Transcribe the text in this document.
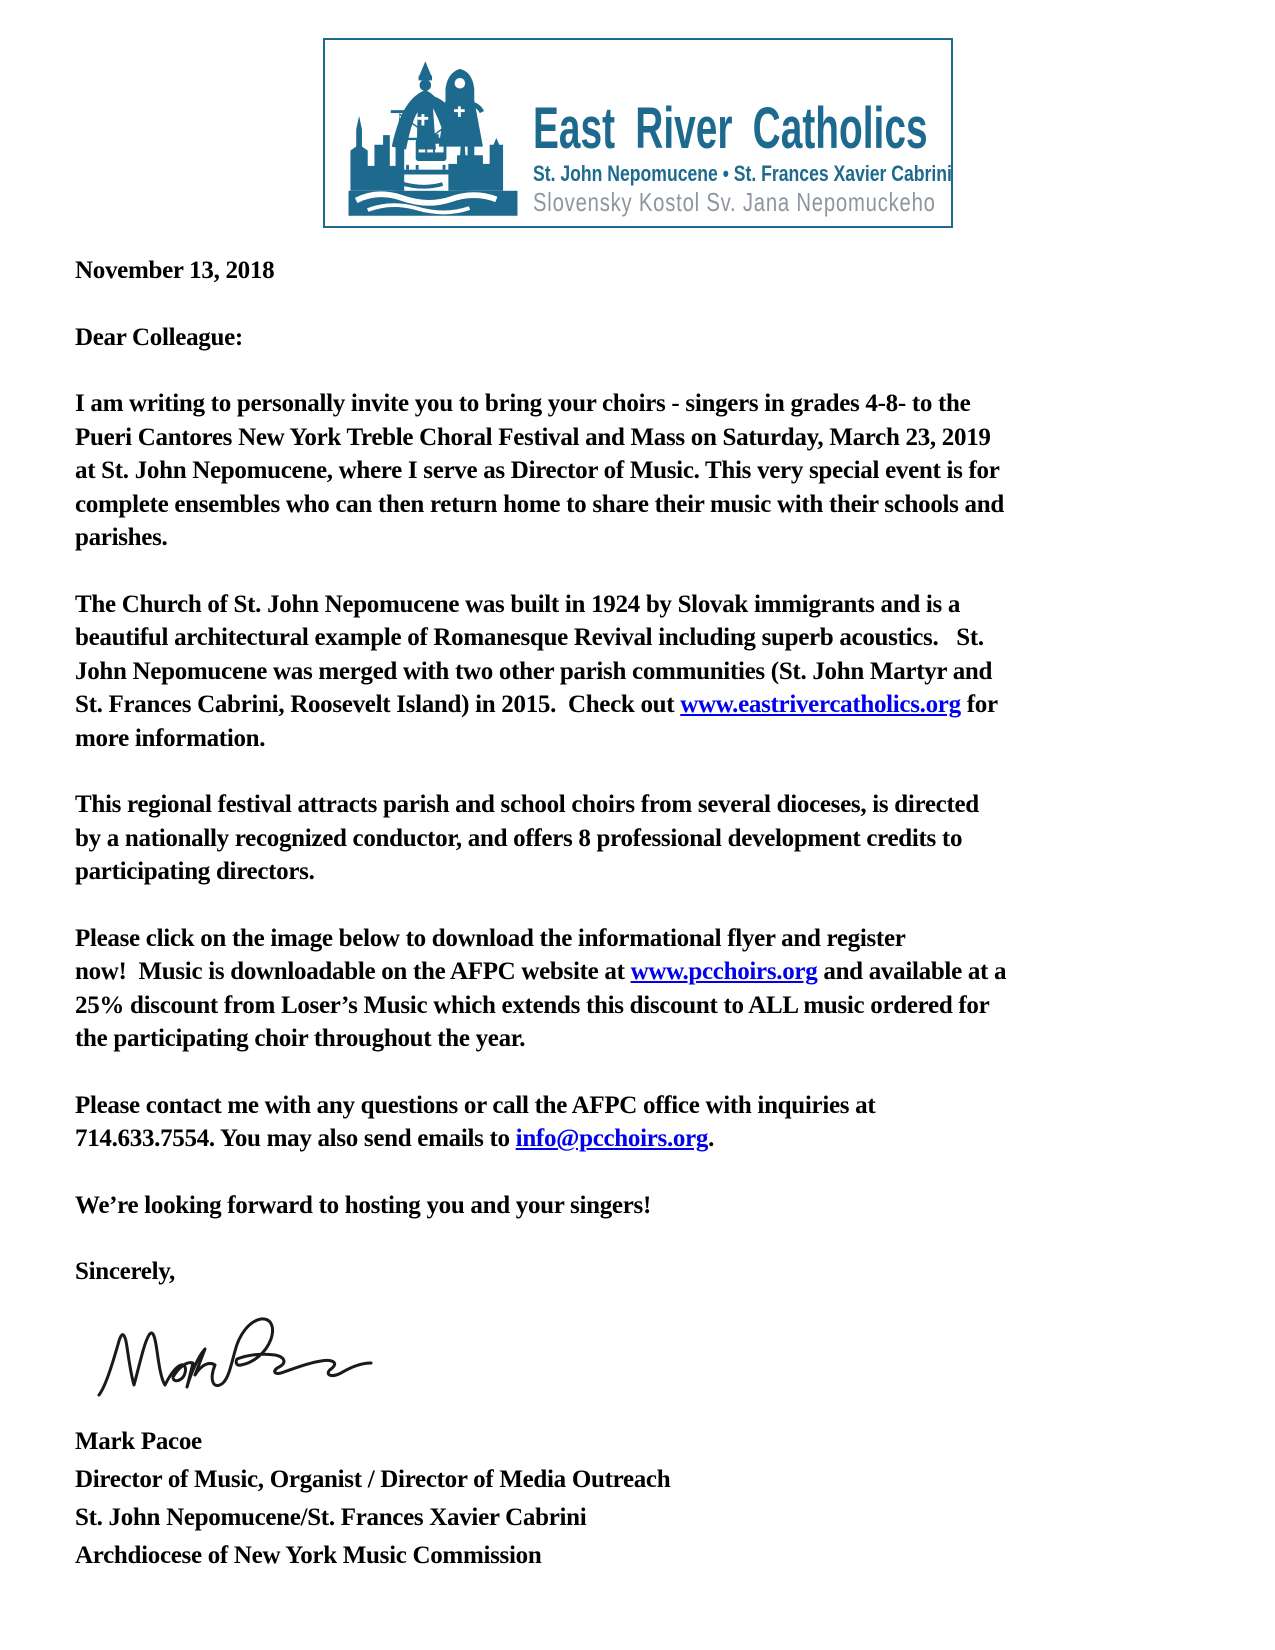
East River Catholics
St. John Nepomucene • St. Frances Xavier Cabrini
Slovensky Kostol Sv. Jana Nepomuckeho
November 13, 2018
Dear Colleague:
I am writing to personally invite you to bring your choirs - singers in grades 4-8- to the
Pueri Cantores New York Treble Choral Festival and Mass on Saturday, March 23, 2019
at St. John Nepomucene, where I serve as Director of Music. This very special event is for
complete ensembles who can then return home to share their music with their schools and
parishes.
The Church of St. John Nepomucene was built in 1924 by Slovak immigrants and is a
beautiful architectural example of Romanesque Revival including superb acoustics.   St.
John Nepomucene was merged with two other parish communities (St. John Martyr and
St. Frances Cabrini, Roosevelt Island) in 2015.  Check out www.eastrivercatholics.org for
more information.
This regional festival attracts parish and school choirs from several dioceses, is directed
by a nationally recognized conductor, and offers 8 professional development credits to
participating directors.
Please click on the image below to download the informational flyer and register
now!  Music is downloadable on the AFPC website at www.pcchoirs.org and available at a
25% discount from Loser’s Music which extends this discount to ALL music ordered for
the participating choir throughout the year.
Please contact me with any questions or call the AFPC office with inquiries at
714.633.7554. You may also send emails to info@pcchoirs.org.
We’re looking forward to hosting you and your singers!
Sincerely,
Mark Pacoe
Director of Music, Organist / Director of Media Outreach
St. John Nepomucene/St. Frances Xavier Cabrini
Archdiocese of New York Music Commission
